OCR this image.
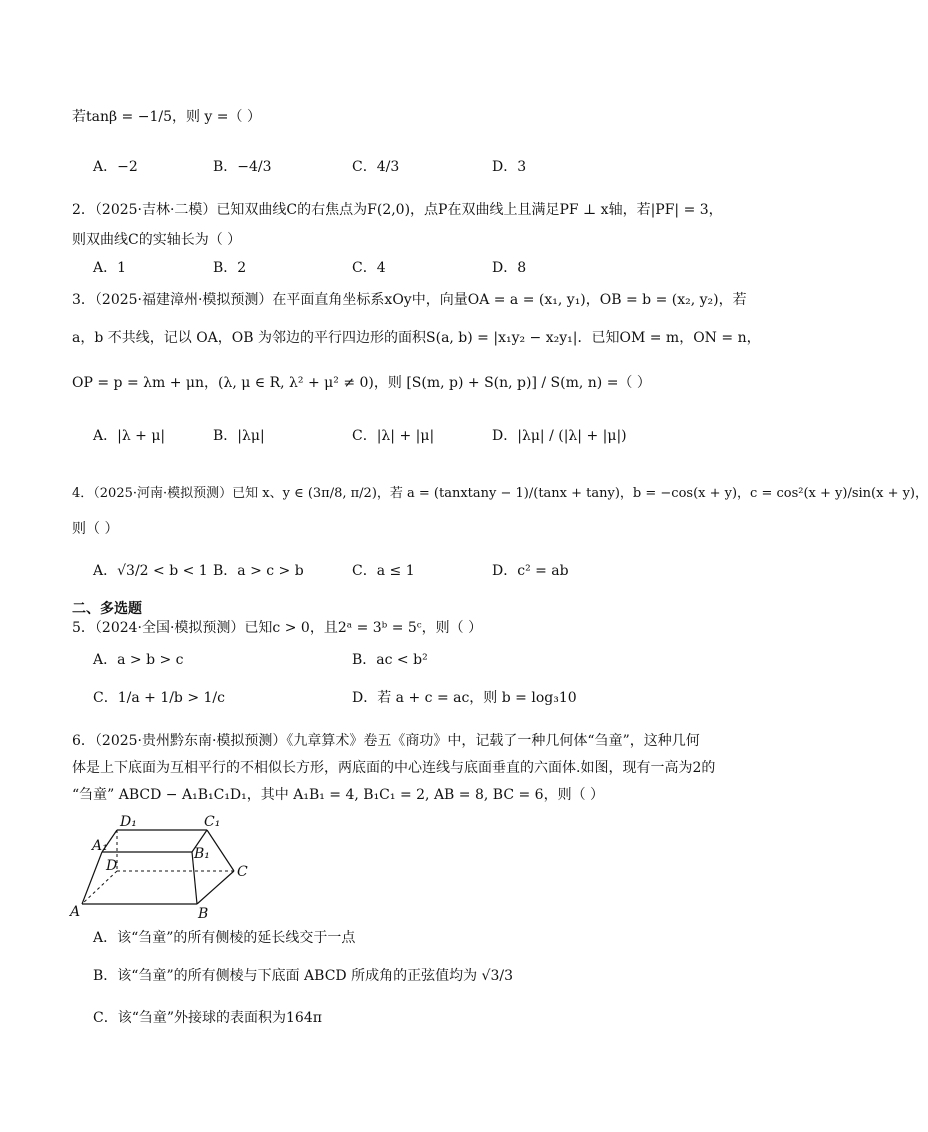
若tanβ = −1/5，则 y =（ ）
A．−2	B．−4/3	C．4/3	D．3
2．（2025·吉林·二模）已知双曲线C的右焦点为F(2,0)，点P在双曲线上且满足PF ⊥ x轴，若|PF| = 3，
则双曲线C的实轴长为（ ）
A．1	B．2	C．4	D．8
3．（2025·福建漳州·模拟预测）在平面直角坐标系xOy中，向量OA = a = (x₁, y₁)，OB = b = (x₂, y₂)，若
a，b 不共线，记以 OA，OB 为邻边的平行四边形的面积S(a, b) = |x₁y₂ − x₂y₁|．已知OM = m，ON = n，
OP = p = λm + μn，(λ, μ ∈ R, λ² + μ² ≠ 0)，则 [S(m, p) + S(n, p)] / S(m, n) =（ ）
A．|λ + μ|	B．|λμ|	C．|λ| + |μ|	D．|λμ| / (|λ| + |μ|)
4．（2025·河南·模拟预测）已知 x、y ∈ (3π/8, π/2)，若 a = (tanxtany − 1)/(tanx + tany)，b = −cos(x + y)，c = cos²(x + y)/sin(x + y)，
则（ ）
A．√3/2 < b < 1 B．a > c > b	C．a ≤ 1	D．c² = ab
二、多选题
5．（2024·全国·模拟预测）已知c > 0，且2ᵃ = 3ᵇ = 5ᶜ，则（ ）
A．a > b > c	B．ac < b²
C．1/a + 1/b > 1/c	D．若 a + c = ac，则 b = log₃10
6．（2025·贵州黔东南·模拟预测）《九章算术》卷五《商功》中，记载了一种几何体“刍童”，这种几何
体是上下底面为互相平行的不相似长方形，两底面的中心连线与底面垂直的六面体.如图，现有一高为2的
“刍童” ABCD − A₁B₁C₁D₁，其中 A₁B₁ = 4, B₁C₁ = 2, AB = 8, BC = 6，则（ ）
D₁	C₁
A₁	B₁
D	C
A	B
A．该“刍童”的所有侧棱的延长线交于一点
B．该“刍童”的所有侧棱与下底面 ABCD 所成角的正弦值均为 √3/3
C．该“刍童”外接球的表面积为164π
